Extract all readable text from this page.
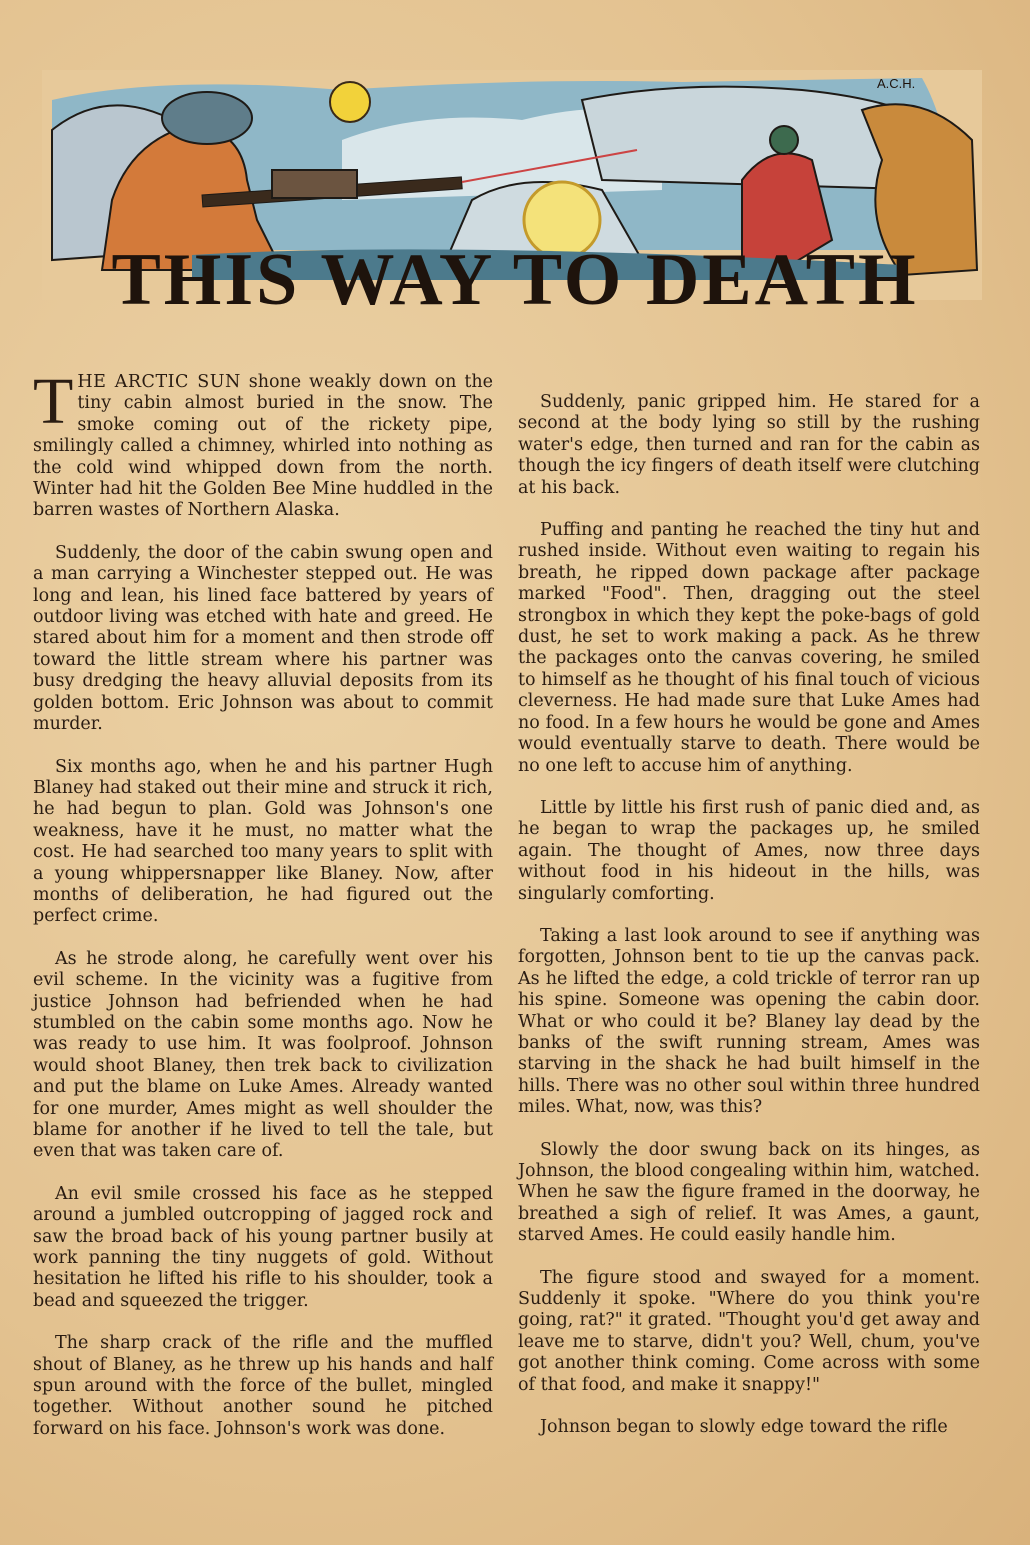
A.C.H.
THIS WAY TO DEATH

THE ARCTIC SUN shone weakly down on the tiny cabin almost buried in the snow. The smoke coming out of the rickety pipe, smilingly called a chimney, whirled into nothing as the cold wind whipped down from the north. Winter had hit the Golden Bee Mine huddled in the barren wastes of Northern Alaska.

Suddenly, the door of the cabin swung open and a man carrying a Winchester stepped out. He was long and lean, his lined face battered by years of outdoor living was etched with hate and greed. He stared about him for a moment and then strode off toward the little stream where his partner was busy dredging the heavy alluvial deposits from its golden bottom. Eric Johnson was about to commit murder.

Six months ago, when he and his partner Hugh Blaney had staked out their mine and struck it rich, he had begun to plan. Gold was Johnson's one weakness, have it he must, no matter what the cost. He had searched too many years to split with a young whippersnapper like Blaney. Now, after months of deliberation, he had figured out the perfect crime.

As he strode along, he carefully went over his evil scheme. In the vicinity was a fugitive from justice Johnson had befriended when he had stumbled on the cabin some months ago. Now he was ready to use him. It was foolproof. Johnson would shoot Blaney, then trek back to civilization and put the blame on Luke Ames. Already wanted for one murder, Ames might as well shoulder the blame for another if he lived to tell the tale, but even that was taken care of.

An evil smile crossed his face as he stepped around a jumbled outcropping of jagged rock and saw the broad back of his young partner busily at work panning the tiny nuggets of gold. Without hesitation he lifted his rifle to his shoulder, took a bead and squeezed the trigger.

The sharp crack of the rifle and the muffled shout of Blaney, as he threw up his hands and half spun around with the force of the bullet, mingled together. Without another sound he pitched forward on his face. Johnson's work was done.

Suddenly, panic gripped him. He stared for a second at the body lying so still by the rushing water's edge, then turned and ran for the cabin as though the icy fingers of death itself were clutching at his back.

Puffing and panting he reached the tiny hut and rushed inside. Without even waiting to regain his breath, he ripped down package after package marked "Food". Then, dragging out the steel strongbox in which they kept the poke-bags of gold dust, he set to work making a pack. As he threw the packages onto the canvas covering, he smiled to himself as he thought of his final touch of vicious cleverness. He had made sure that Luke Ames had no food. In a few hours he would be gone and Ames would eventually starve to death. There would be no one left to accuse him of anything.

Little by little his first rush of panic died and, as he began to wrap the packages up, he smiled again. The thought of Ames, now three days without food in his hideout in the hills, was singularly comforting.

Taking a last look around to see if anything was forgotten, Johnson bent to tie up the canvas pack. As he lifted the edge, a cold trickle of terror ran up his spine. Someone was opening the cabin door. What or who could it be? Blaney lay dead by the banks of the swift running stream, Ames was starving in the shack he had built himself in the hills. There was no other soul within three hundred miles. What, now, was this?

Slowly the door swung back on its hinges, as Johnson, the blood congealing within him, watched. When he saw the figure framed in the doorway, he breathed a sigh of relief. It was Ames, a gaunt, starved Ames. He could easily handle him.

The figure stood and swayed for a moment. Suddenly it spoke. "Where do you think you're going, rat?" it grated. "Thought you'd get away and leave me to starve, didn't you? Well, chum, you've got another think coming. Come across with some of that food, and make it snappy!"

Johnson began to slowly edge toward the rifle
